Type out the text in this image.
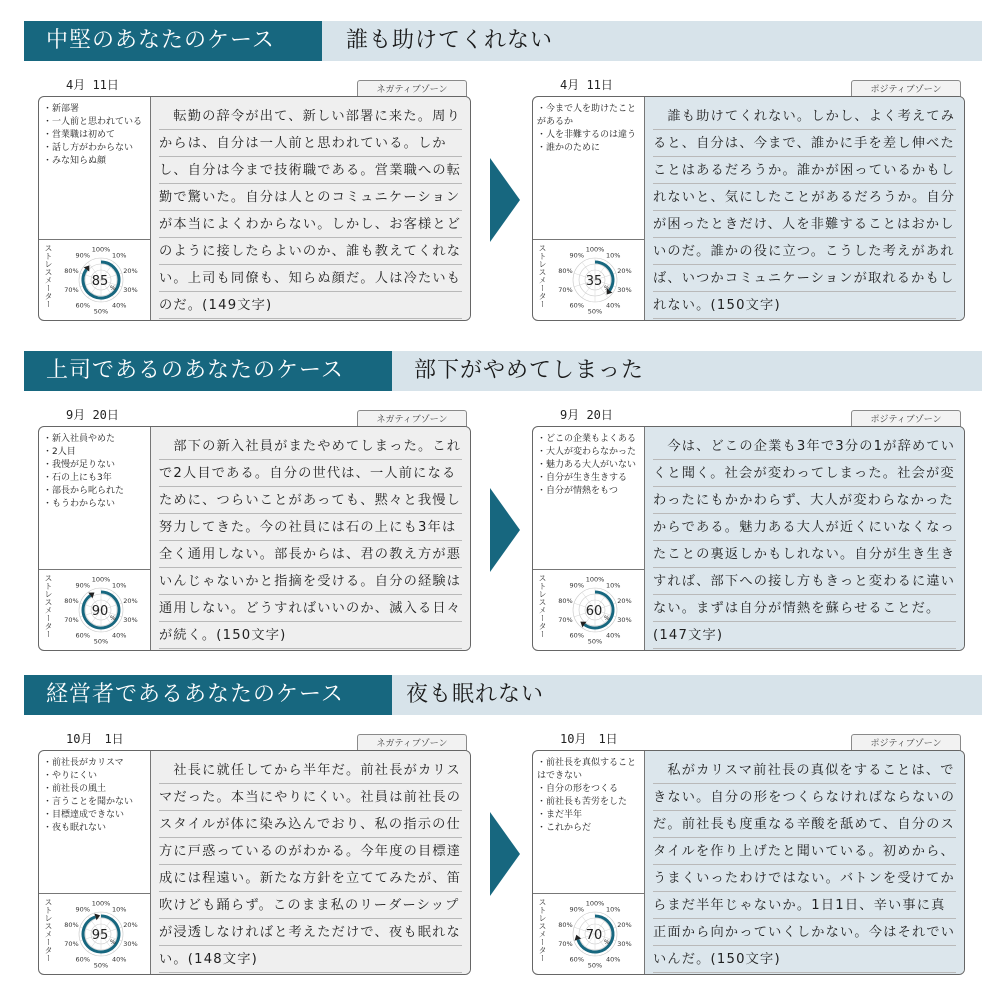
中堅のあなたのケース	誰も助けてくれない
4月 11日	ネガティブゾーン
・新部署
・一人前と思われている
・営業職は初めて
・話し方がわからない
・みな知らぬ顔
ストレスメーター	100%
10%
20%
30%
40%
50%
60%
70%
80%
90%
85 %

　転勤の辞令が出て、新しい部署に来た。周りからは、自分は一人前と思われている。しかし、自分は今まで技術職である。営業職への転勤で驚いた。自分は人とのコミュニケーションが本当によくわからない。しかし、お客様とどのように接したらよいのか、誰も教えてくれない。上司も同僚も、知らぬ顔だ。人は冷たいものだ。(149文字)

4月 11日	ポジティブゾーン
・今まで人を助けたことがあるか
・人を非難するのは違う
・誰かのために
ストレスメーター	100%
10%
20%
30%
40%
50%
60%
70%
80%
90%
35 %

　誰も助けてくれない。しかし、よく考えてみると、自分は、今まで、誰かに手を差し伸べたことはあるだろうか。誰かが困っているかもしれないと、気にしたことがあるだろうか。自分が困ったときだけ、人を非難することはおかしいのだ。誰かの役に立つ。こうした考えがあれば、いつかコミュニケーションが取れるかもしれない。(150文字)

上司であるのあなたのケース	部下がやめてしまった
9月 20日	ネガティブゾーン
・新入社員やめた
・2人目
・我慢が足りない
・石の上にも3年
・部長から叱られた
・もうわからない
ストレスメーター	100%
10%
20%
30%
40%
50%
60%
70%
80%
90%
90 %

　部下の新入社員がまたやめてしまった。これで2人目である。自分の世代は、一人前になるために、つらいことがあっても、黙々と我慢し努力してきた。今の社員には石の上にも3年は全く通用しない。部長からは、君の教え方が悪いんじゃないかと指摘を受ける。自分の経験は通用しない。どうすればいいのか、滅入る日々が続く。(150文字)

9月 20日	ポジティブゾーン
・どこの企業もよくある
・大人が変わらなかった
・魅力ある大人がいない
・自分が生き生きする
・自分が情熱をもつ
ストレスメーター	100%
10%
20%
30%
40%
50%
60%
70%
80%
90%
60 %

　今は、どこの企業も3年で3分の1が辞めていくと聞く。社会が変わってしまった。社会が変わったにもかかわらず、大人が変わらなかったからである。魅力ある大人が近くにいなくなったことの裏返しかもしれない。自分が生き生きすれば、部下への接し方もきっと変わるに違いない。まずは自分が情熱を蘇らせることだ。(147文字)

経営者であるあなたのケース	夜も眠れない
10月　1日	ネガティブゾーン
・前社長がカリスマ
・やりにくい
・前社長の風土
・言うことを聞かない
・目標達成できない
・夜も眠れない
ストレスメーター	100%
10%
20%
30%
40%
50%
60%
70%
80%
90%
95 %

　社長に就任してから半年だ。前社長がカリスマだった。本当にやりにくい。社員は前社長のスタイルが体に染み込んでおり、私の指示の仕方に戸惑っているのがわかる。今年度の目標達成には程遠い。新たな方針を立ててみたが、笛吹けども踊らず。このまま私のリーダーシップが浸透しなければと考えただけで、夜も眠れない。(148文字)

10月　1日	ポジティブゾーン
・前社長を真似することはできない
・自分の形をつくる
・前社長も苦労をした
・まだ半年
・これからだ
ストレスメーター	100%
10%
20%
30%
40%
50%
60%
70%
80%
90%
70 %

　私がカリスマ前社長の真似をすることは、できない。自分の形をつくらなければならないのだ。前社長も度重なる辛酸を舐めて、自分のスタイルを作り上げたと聞いている。初めから、うまくいったわけではない。バトンを受けてからまだ半年じゃないか。1日1日、辛い事に真正面から向かっていくしかない。今はそれでいいんだ。(150文字)
